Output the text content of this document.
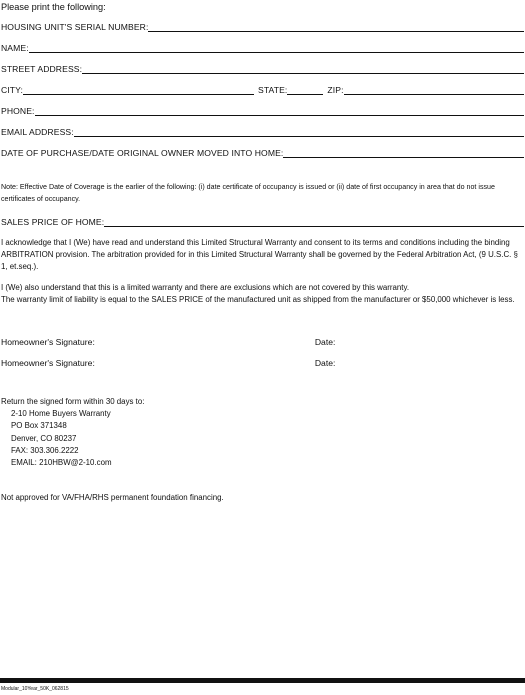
Please print the following:
HOUSING UNIT'S SERIAL NUMBER:
NAME:
STREET ADDRESS:
CITY:	STATE:	ZIP:
PHONE:
EMAIL ADDRESS:
DATE OF PURCHASE/DATE ORIGINAL OWNER MOVED INTO HOME:
Note: Effective Date of Coverage is the earlier of the following: (i) date certificate of occupancy is issued or (ii) date of first occupancy in area that do not issue certificates of occupancy.
SALES PRICE OF HOME:
I acknowledge that I (We) have read and understand this Limited Structural Warranty and consent to its terms and conditions including the binding ARBITRATION provision. The arbitration provided for in this Limited Structural Warranty shall be governed by the Federal Arbitration Act, (9 U.S.C. § 1, et.seq.).
I (We) also understand that this is a limited warranty and there are exclusions which are not covered by this warranty.
The warranty limit of liability is equal to the SALES PRICE of the manufactured unit as shipped from the manufacturer or $50,000 whichever is less.
Homeowner's Signature:	Date:
Homeowner's Signature:	Date:
Return the signed form within 30 days to:
2-10 Home Buyers Warranty
PO Box 371348
Denver, CO 80237
FAX: 303.306.2222
EMAIL: 210HBW@2-10.com
Not approved for VA/FHA/RHS permanent foundation financing.
Modular_10Year_50K_062815
